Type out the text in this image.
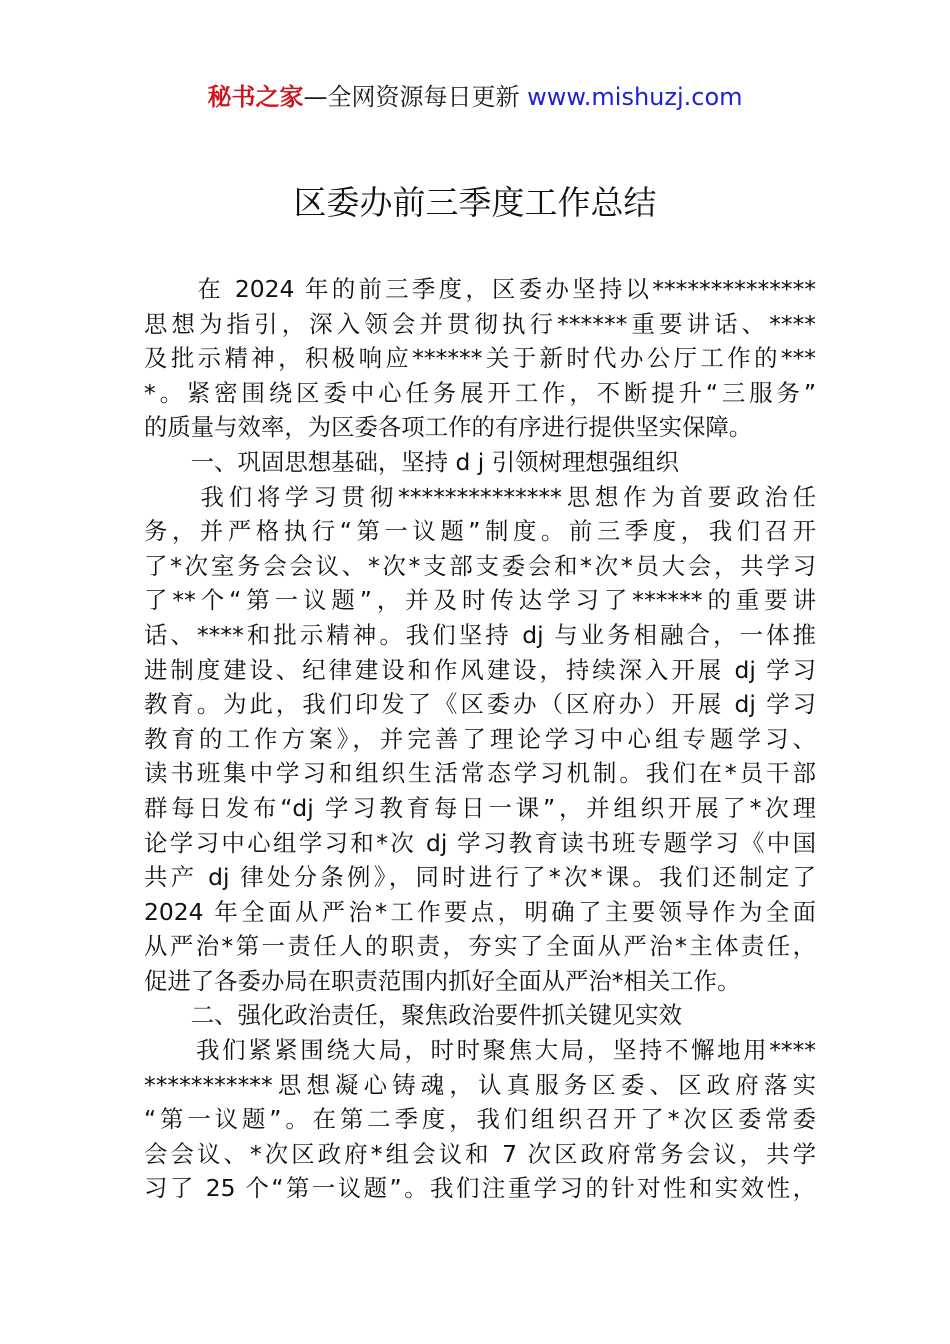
秘书之家—全网资源每日更新 www.mishuzj.com
区委办前三季度工作总结
　　在 2024 年的前三季度，区委办坚持以**************
思想为指引，深入领会并贯彻执行******重要讲话、****
及批示精神，积极响应******关于新时代办公厅工作的***
*。紧密围绕区委中心任务展开工作，不断提升“三服务”
的质量与效率，为区委各项工作的有序进行提供坚实保障。
　　一、巩固思想基础，坚持 d j 引领树理想强组织
　　我们将学习贯彻**************思想作为首要政治任
务，并严格执行“第一议题”制度。前三季度，我们召开
了*次室务会会议、*次*支部支委会和*次*员大会，共学习
了**个“第一议题”，并及时传达学习了******的重要讲
话、****和批示精神。我们坚持 dj 与业务相融合，一体推
进制度建设、纪律建设和作风建设，持续深入开展 dj 学习
教育。为此，我们印发了《区委办（区府办）开展 dj 学习
教育的工作方案》，并完善了理论学习中心组专题学习、
读书班集中学习和组织生活常态学习机制。我们在*员干部
群每日发布“dj 学习教育每日一课”，并组织开展了*次理
论学习中心组学习和*次 dj 学习教育读书班专题学习《中国
共产 dj 律处分条例》，同时进行了*次*课。我们还制定了
2024 年全面从严治*工作要点，明确了主要领导作为全面
从严治*第一责任人的职责，夯实了全面从严治*主体责任，
促进了各委办局在职责范围内抓好全面从严治*相关工作。
　　二、强化政治责任，聚焦政治要件抓关键见实效
　　我们紧紧围绕大局，时时聚焦大局，坚持不懈地用****
***********思想凝心铸魂，认真服务区委、区政府落实
“第一议题”。在第二季度，我们组织召开了*次区委常委
会会议、*次区政府*组会议和 7 次区政府常务会议，共学
习了 25 个“第一议题”。我们注重学习的针对性和实效性，
